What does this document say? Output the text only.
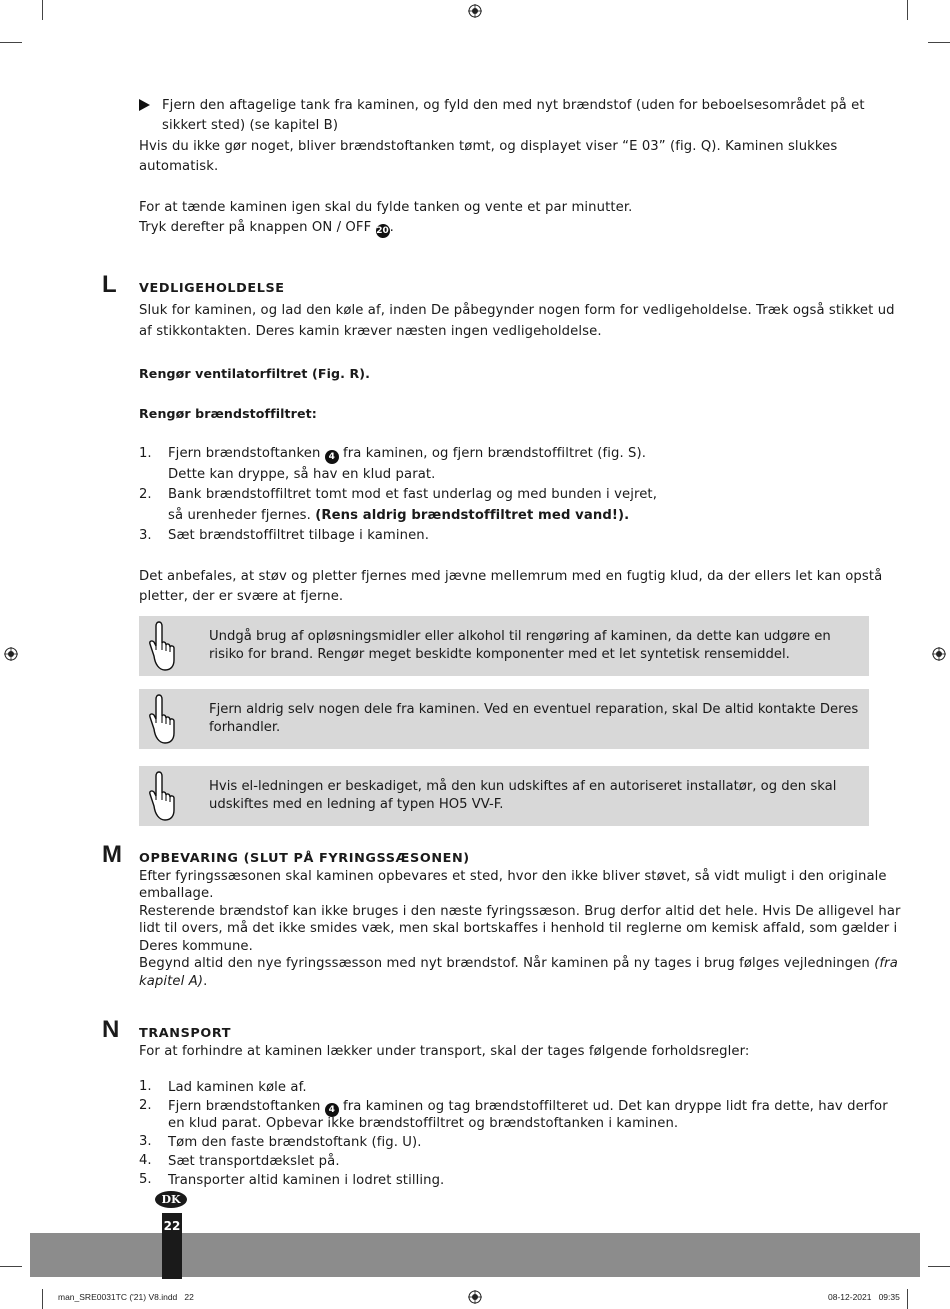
Fjern den aftagelige tank fra kaminen, og fyld den med nyt brændstof (uden for beboelsesområdet på et
sikkert sted) (se kapitel B)
Hvis du ikke gør noget, bliver brændstoftanken tømt, og displayet viser “E 03” (fig. Q). Kaminen slukkes
automatisk.
For at tænde kaminen igen skal du fylde tanken og vente et par minutter.
Tryk derefter på knappen ON / OFF 20.
L VEDLIGEHOLDELSE
Sluk for kaminen, og lad den køle af, inden De påbegynder nogen form for vedligeholdelse. Træk også stikket ud
af stikkontakten. Deres kamin kræver næsten ingen vedligeholdelse.
Rengør ventilatorfiltret (Fig. R).
Rengør brændstoffiltret:
1. Fjern brændstoftanken 4 fra kaminen, og fjern brændstoffiltret (fig. S).
Dette kan dryppe, så hav en klud parat.
2. Bank brændstoffiltret tomt mod et fast underlag og med bunden i vejret,
så urenheder fjernes. (Rens aldrig brændstoffiltret med vand!).
3. Sæt brændstoffiltret tilbage i kaminen.
Det anbefales, at støv og pletter fjernes med jævne mellemrum med en fugtig klud, da der ellers let kan opstå
pletter, der er svære at fjerne.
Undgå brug af opløsningsmidler eller alkohol til rengøring af kaminen, da dette kan udgøre en
risiko for brand. Rengør meget beskidte komponenter med et let syntetisk rensemiddel.
Fjern aldrig selv nogen dele fra kaminen. Ved en eventuel reparation, skal De altid kontakte Deres
forhandler.
Hvis el-ledningen er beskadiget, må den kun udskiftes af en autoriseret installatør, og den skal
udskiftes med en ledning af typen HO5 VV-F.
M OPBEVARING (SLUT PÅ FYRINGSSÆSONEN)
Efter fyringssæsonen skal kaminen opbevares et sted, hvor den ikke bliver støvet, så vidt muligt i den originale
emballage.
Resterende brændstof kan ikke bruges i den næste fyringssæson. Brug derfor altid det hele. Hvis De alligevel har
lidt til overs, må det ikke smides væk, men skal bortskaffes i henhold til reglerne om kemisk affald, som gælder i
Deres kommune.
Begynd altid den nye fyringssæsson med nyt brændstof. Når kaminen på ny tages i brug følges vejledningen (fra
kapitel A).
N TRANSPORT
For at forhindre at kaminen lækker under transport, skal der tages følgende forholdsregler:
1. Lad kaminen køle af.
2. Fjern brændstoftanken 4 fra kaminen og tag brændstoffilteret ud. Det kan dryppe lidt fra dette, hav derfor
en klud parat. Opbevar ikke brændstoffiltret og brændstoftanken i kaminen.
3. Tøm den faste brændstoftank (fig. U).
4. Sæt transportdækslet på.
5. Transporter altid kaminen i lodret stilling.
22
DK
man_SRE0031TC ('21) V8.indd   22	08-12-2021   09:35
